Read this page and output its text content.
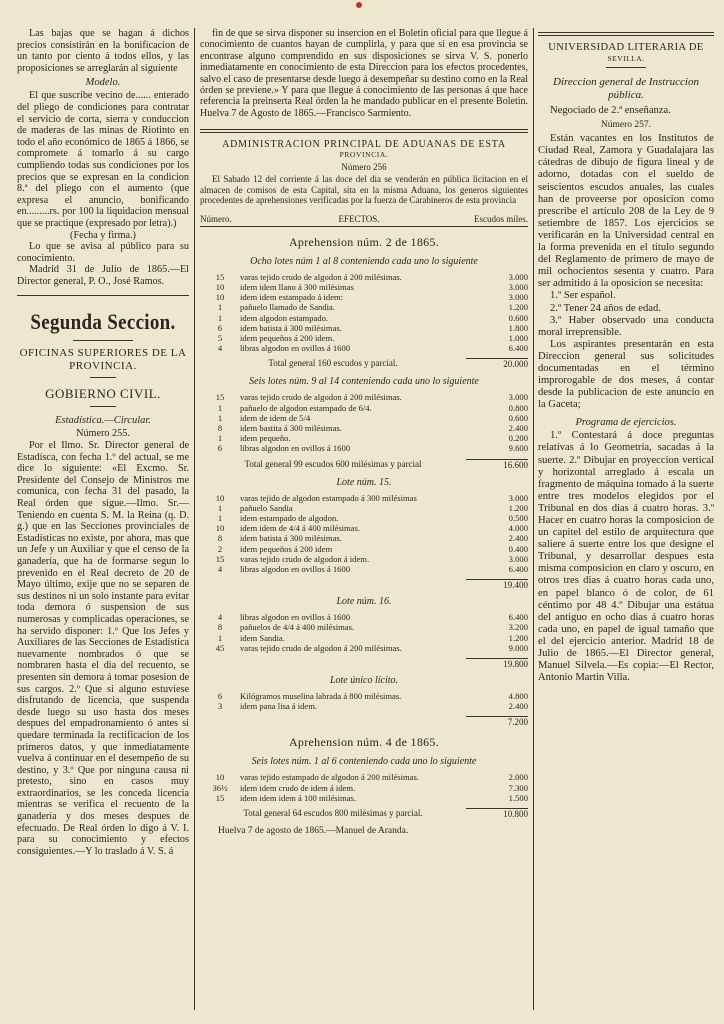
Las bajas que se hagan á dichos precios consistirán en la bonificacion de un tanto por ciento á todos ellos, y las proposiciones se arreglarán al siguiente

Modelo.

El que suscribe vecino de...... enterado del pliego de condiciones para contratar el servicio de corta, sierra y conduccion de maderas de las minas de Riotinto en todo el año económico de 1865 á 1866, se compromete á tomarlo á su cargo cumpliendo todas sus condiciones por los precios que se expresan en la condicion 8.ª del pliego con el aumento (que expresa el anuncio, bonificando en.........rs. por 100 la liquidacion mensual que se practique (expresado por letra).)

(Fecha y firma.)

Lo que se avisa al público para su conocimiento.

Madrid 31 de Julio de 1865.—El Director general, P. O., José Ramos.

Segunda Seccion.
OFICINAS SUPERIORES DE LA PROVINCIA.
GOBIERNO CIVIL.
Estadística.—Circular.
Número 255.

Por el Ilmo. Sr. Director general de Estadísca, con fecha 1.º del actual, se me dice lo siguiente: «El Excmo. Sr. Presidente del Consejo de Ministros me comunica, con fecha 31 del pasado, la Real órden que sigue.—Ilmo. Sr.—Teniendo en cuenta S. M. la Reina (q. D. g.) que en las Secciones provinciales de Estadísticas no existe, por ahora, mas que un Jefe y un Auxiliar y que el censo de la ganadería, que ha de formarse segun lo prevenido en el Real decreto de 20 de Mayo último, exije que no se separen de sus destinos ni un solo instante para evitar toda demora ó suspension de sus numerosas y complicadas operaciones, se ha servido disponer: 1.º Que los Jefes y Auxiliares de las Secciones de Estadística nuevamente nombrados ó que se nombraren hasta el dia del recuento, se presenten sin demora á tomar posesion de sus cargos. 2.º Que si alguno estuviese disfrutando de licencia, que suspenda desde luego su uso hasta dos meses despues del empadronamiento ó antes si quedare terminada la rectificacion de los primeros datos, y que inmediatamente vuelva á continuar en el desempeño de su destino, y 3.º Que por ninguna causa ni pretesto, sino en casos muy extraordinarios, se les conceda licencia mientras se verifica el recuento de la ganadería y dos meses despues de efectuado. De Real órden lo digo á V. I. para su conocimiento y efectos consiguientes.—Y lo traslado á V. S. á

fin de que se sirva disponer su insercion en el Boletin oficial para que llegue á conocimiento de cuantos hayan de cumplirla, y para que si en esa provincia se encontrase alguno comprendido en sus disposiciones se sirva V. S. ponerlo inmediatamente en conocimiento de esta Direccion para los efectos procedentes, salvo el caso de presentarse desde luego á desempeñar su destino como en la Real órden se previene.» Y para que llegue á conocimiento de las personas á que hace referencia la preinserta Real órden la he mandado publicar en el presente Boletin. Huelva 7 de Agosto de 1865.—Francisco Sarmiento.

ADMINISTRACION PRINCIPAL DE ADUANAS DE ESTA
PROVINCIA.
Número 256

El Sabado 12 del corriente á las doce del dia se venderán en pública licitacion en el almacen de comisos de esta Capital, sita en la misma Aduana, los generos siguientes procedentes de aprehensiones verificadas por la fuerza de Carabineros de esta provincia

Número.	EFECTOS.	Escudos miles.
Aprehension núm. 2 de 1865.
Ocho lotes núm 1 al 8 conteniendo cada uno lo siguiente
15	varas tejido crudo de algodon á 200 milésimas.	3.000
10	idem idem llano á 300 milésimas	3.000
10	idem idem estampado á idem:	3.000
1	pañuelo llamado de Sandia.	1.200
1	idem algodon estampado.	0.600
6	idem batista á 300 milésimas.	1.800
5	idem pequeños á 200 idem.	1.000
4	libras algodon en ovillos á 1600	6.400
Total general 160 escudos y parcial.	20.000
Seis lotes núm. 9 al 14 conteniendo cada uno lo siguiente
15	varas tejido crudo de algodon á 200 milésimas.	3.000
1	pañuelo de algodon estampado de 6/4.	0.800
1	idem de idem de 5/4	0.600
8	idem bastita á 300 milésimas.	2.400
1	idem pequeño.	0.200
6	libras algodon en ovillos á 1600	9.600
Total general 99 escudos 600 milésimas y parcial	16.600
Lote núm. 15.
10	varas tejido de algodon estampado á 300 milésimas	3.000
1	pañuelo Sandia	1.200
1	idem estampado de algodon.	0.500
10	idem idem de 4/4 á 400 milésimas.	4.000
8	idem batista á 300 milésimas.	2.400
2	idem pequeños á 200 idem	0.400
15	varas tejido crudo de algodon á idem.	3.000
4	libras algodon en ovillos á 1600	6.400
19.400
Lote núm. 16.
4	libras algodon en ovillos á 1600	6.400
8	pañuelos de 4/4 á 400 milésimas.	3.200
1	idem Sandia.	1.200
45	varas tejido crudo de algodon á 200 milésimas.	9.000
19.800
Lote único lícito.
6	Kilógramos muselina labrada á 800 milésimas.	4.800
3	idem pana lisa á idem.	2.400
7.200
Aprehension núm. 4 de 1865.
Seis lotes núm. 1 al 6 conteniendo cada uno lo siguiente
10	varas tejido estampado de algodon á 200 milésimas.	2.000
36½	idem idem crudo de idem á idem.	7.300
15	idem idem idem á 100 milésimas.	1.500
Total general 64 escudos 800 milésimas y parcial.	10.800

Huelva 7 de agosto de 1865.—Manuel de Aranda.

UNIVERSIDAD LITERARIA DE
SEVILLA.
Direccion general de Instruccion pública.

Negociado de 2.ª enseñanza.

Número 257.

Están vacantes en los Institutos de Ciudad Real, Zamora y Guadalajara las cátedras de dibujo de figura lineal y de adorno, dotadas con el sueldo de seiscientos escudos anuales, las cuales han de proveerse por oposicion como prescribe el artículo 208 de la Ley de 9 setiembre de 1857. Los ejercicios se verificarán en la Universidad central en la forma prevenida en el título segundo del Reglamento de primero de mayo de mil ochocientos sesenta y cuatro. Para ser admitido á la oposicion se necesita:

1.º Ser español.

2.º Tener 24 años de edad.

3.º Haber observado una conducta moral irreprensible.

Los aspirantes presentarán en esta Direccion general sus solicitudes documentadas en el término improrogable de dos meses, á contar desde la publicacion de este anuncio en la Gaceta;

Programa de ejercicios.

1.º Contestará á doce preguntas relativas á lo Geometría, sacadas á la suerte. 2.º Dibujar en proyeccion vertical y horizontal arreglado á escala un fragmento de máquina tomado á la suerte entre tres modelos elegidos por el Tribunal en dos dias á cuatro horas. 3.º Hacer en cuatro horas la composicion de un capitel del estilo de arquitectura que saliere á suerte entre los que designe el Tribunal, y desarrollar despues esta misma composicion en claro y oscuro, en otros tres dias á cuatro horas cada uno, en papel blanco ó de color, de 61 céntimo por 48 4.º Dibujar una estátua del antiguo en ocho dias á cuatro horas cada uno, en papel de igual tamaño que el del ejercicio anterior. Madrid 18 de Julio de 1865.—El Director general, Manuel Silvela.—Es copia:—El Rector, Antonio Martin Villa.
